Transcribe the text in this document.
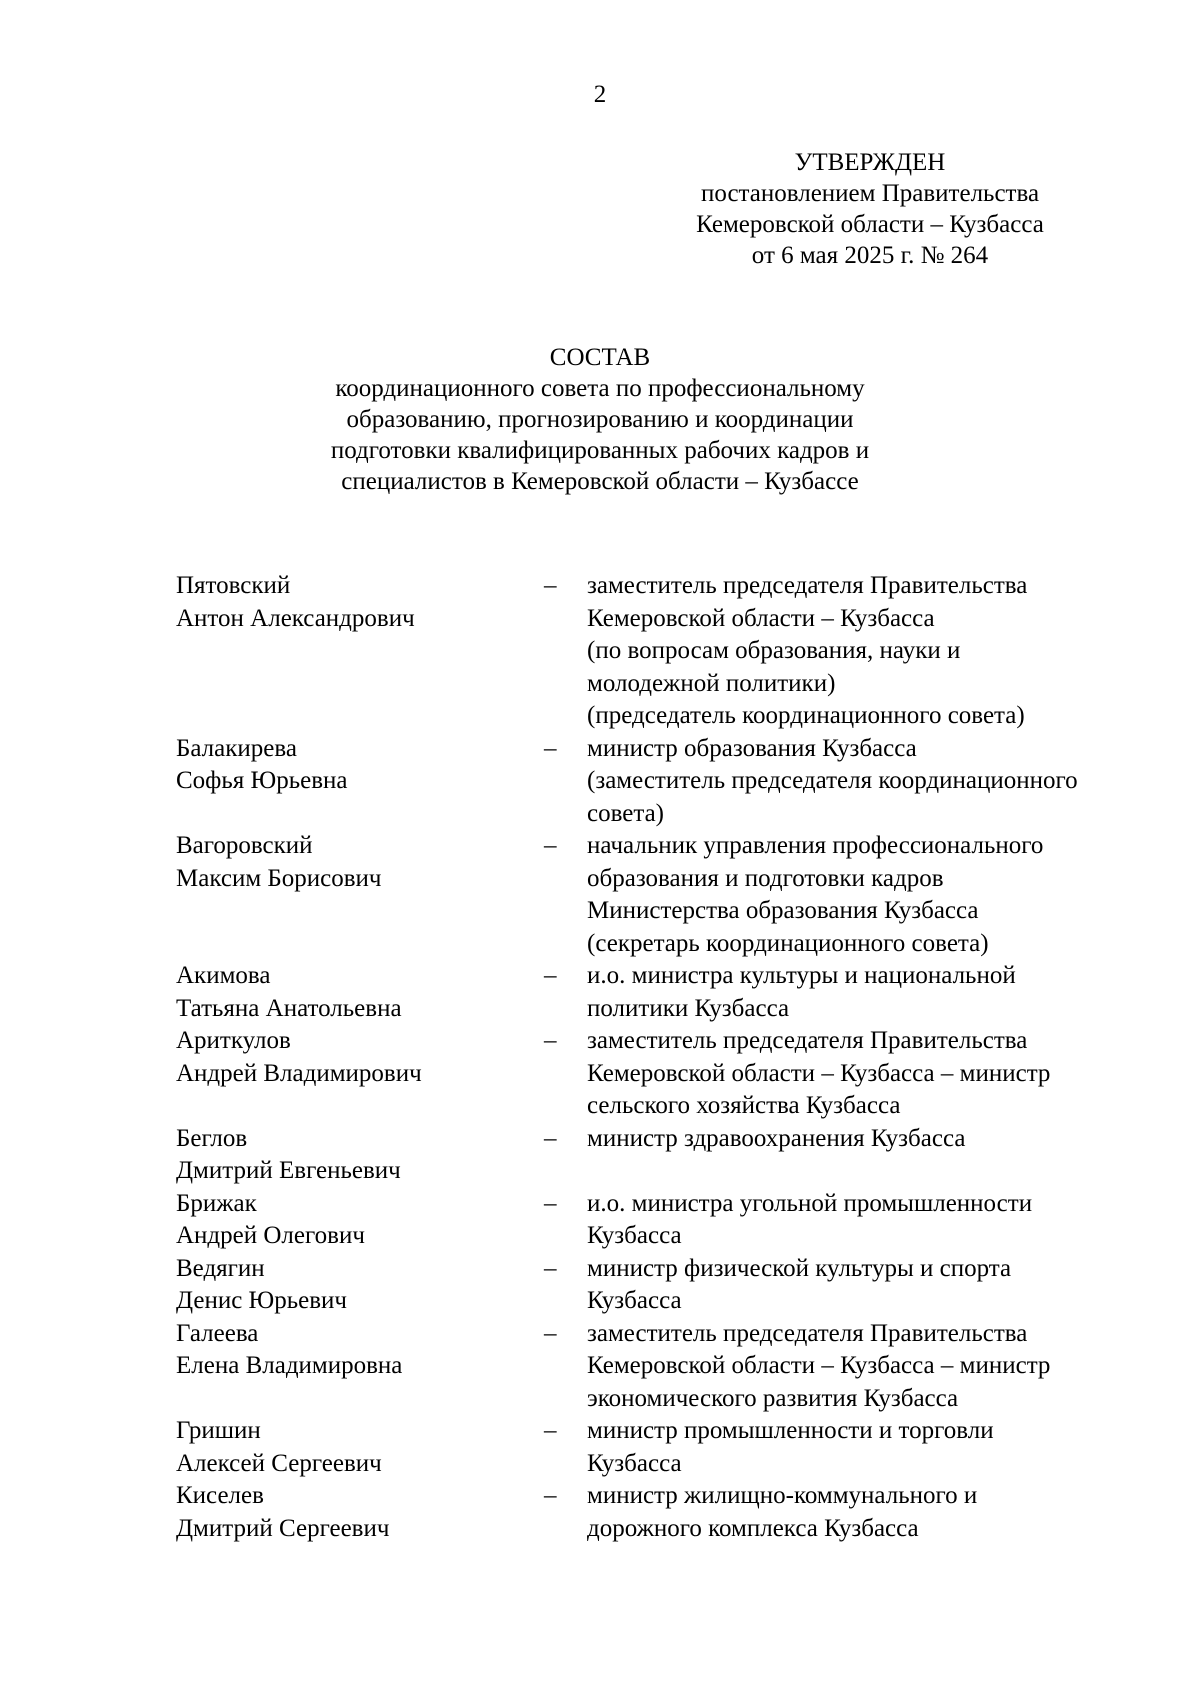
2
УТВЕРЖДЕН
постановлением Правительства
Кемеровской области – Кузбасса
от 6 мая 2025 г. № 264
СОСТАВ
координационного совета по профессиональному
образованию, прогнозированию и координации
подготовки квалифицированных рабочих кадров и
специалистов в Кемеровской области – Кузбассе
Пятовский
Антон Александрович
–	заместитель председателя Правительства
Кемеровской области – Кузбасса
(по вопросам образования, науки и
молодежной политики)
(председатель координационного совета)
Балакирева
Софья Юрьевна
–	министр образования Кузбасса
(заместитель председателя координационного
совета)
Вагоровский
Максим Борисович
–	начальник управления профессионального
образования и подготовки кадров
Министерства образования Кузбасса
(секретарь координационного совета)
Акимова
Татьяна Анатольевна
–	и.о. министра культуры и национальной
политики Кузбасса
Ариткулов
Андрей Владимирович
–	заместитель председателя Правительства
Кемеровской области – Кузбасса – министр
сельского хозяйства Кузбасса
Беглов
Дмитрий Евгеньевич
–	министр здравоохранения Кузбасса
Брижак
Андрей Олегович
–	и.о. министра угольной промышленности
Кузбасса
Ведягин
Денис Юрьевич
–	министр физической культуры и спорта
Кузбасса
Галеева
Елена Владимировна
–	заместитель председателя Правительства
Кемеровской области – Кузбасса – министр
экономического развития Кузбасса
Гришин
Алексей Сергеевич
–	министр промышленности и торговли
Кузбасса
Киселев
Дмитрий Сергеевич
–	министр жилищно-коммунального и
дорожного комплекса Кузбасса
